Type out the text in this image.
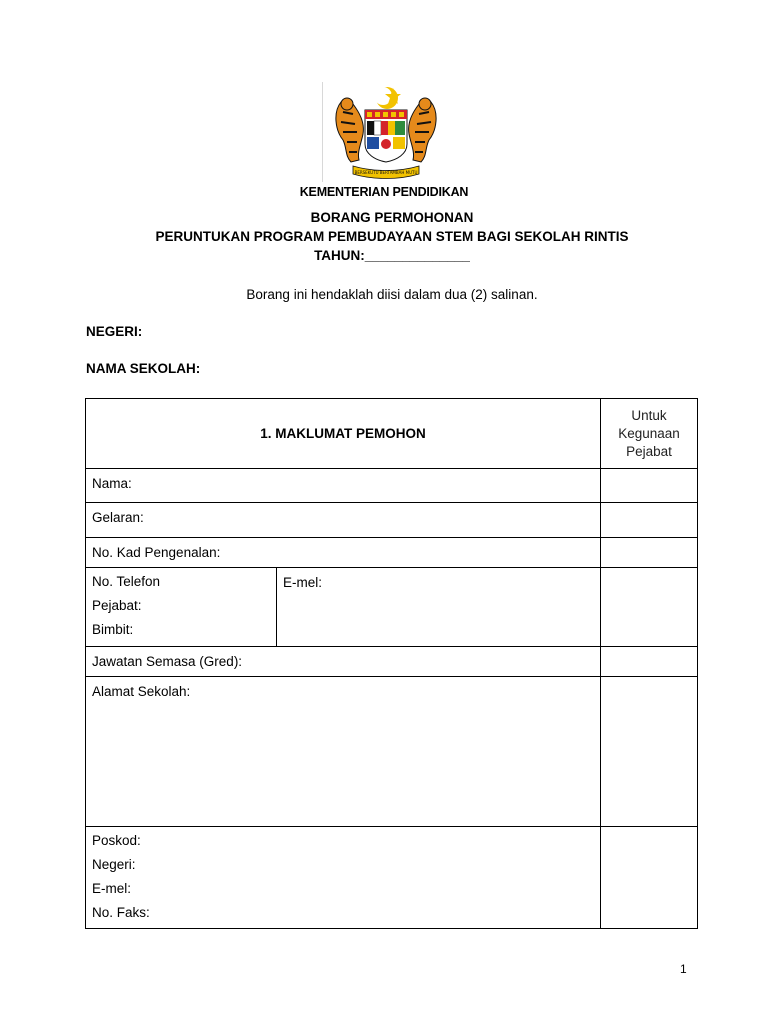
BERSEKUTU BERTAMBAH MUTU
KEMENTERIAN PENDIDIKAN
BORANG PERMOHONAN
PERUNTUKAN PROGRAM PEMBUDAYAAN STEM BAGI SEKOLAH RINTIS
TAHUN:______________
Borang ini hendaklah diisi dalam dua (2) salinan.
NEGERI:
NAMA SEKOLAH:
1. MAKLUMAT PEMOHON		Untuk
Kegunaan
Pejabat

Nama:		
Gelaran:		
No. Kad Pengenalan:		

No. Telefon
Pejabat:
Bimbit:	E-mel:	
Jawatan Semasa (Gred):		
Alamat Sekolah:		

Poskod:
Negeri:
E-mel:
No. Faks:		

1
